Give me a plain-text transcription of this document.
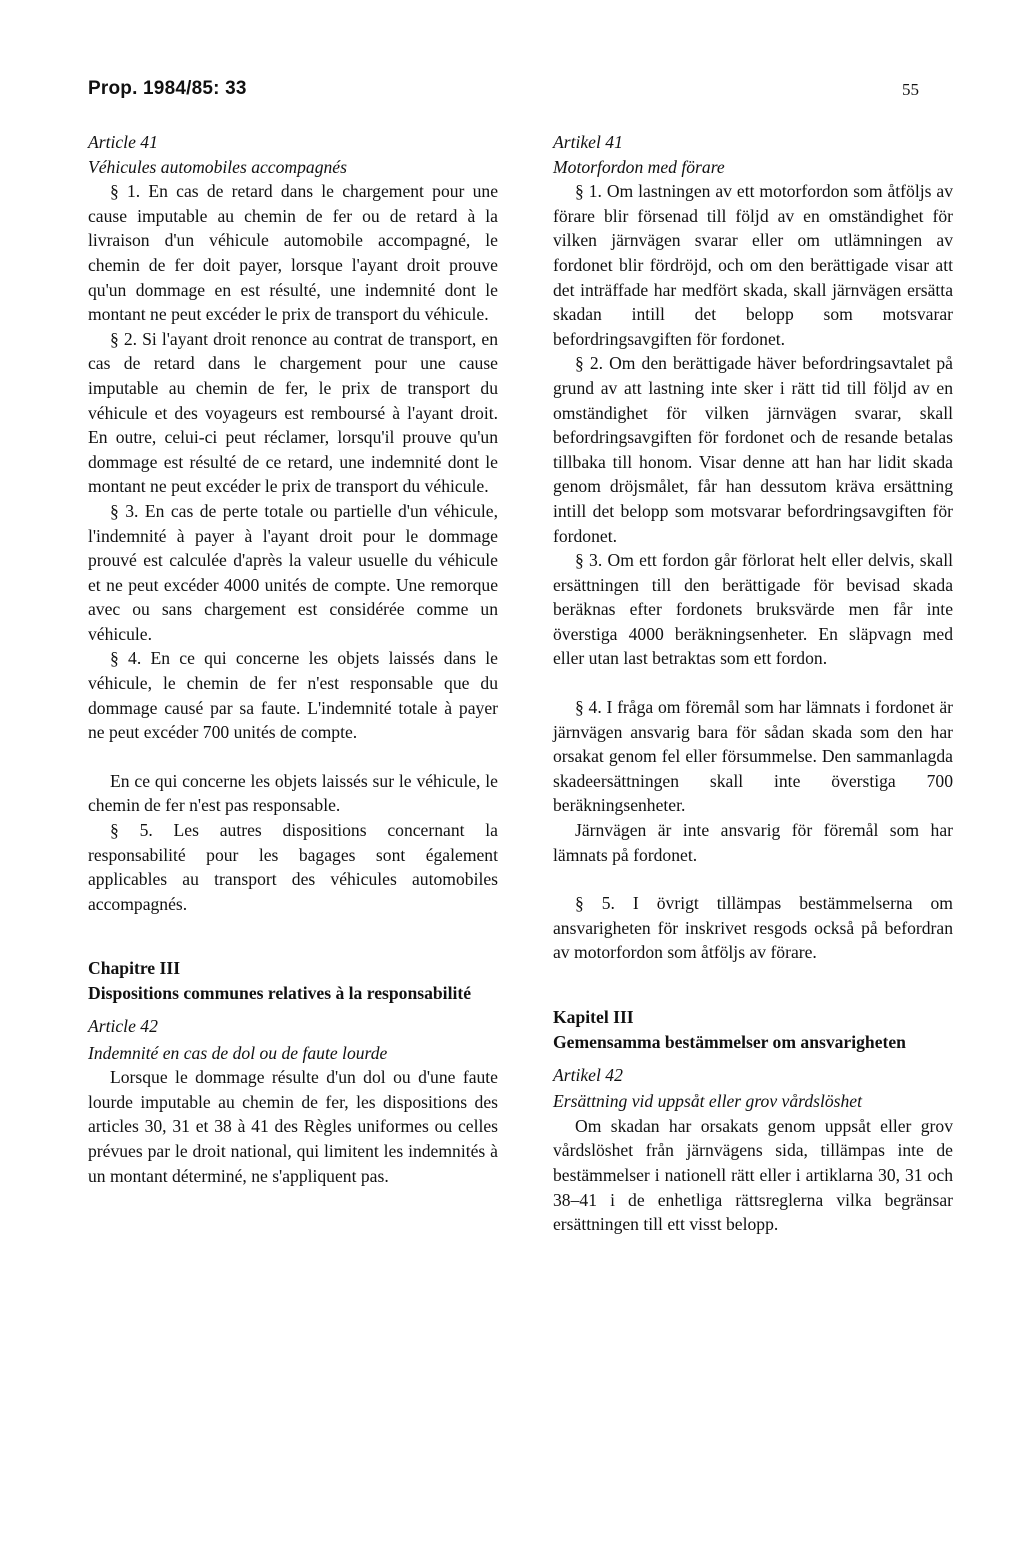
Prop. 1984/85: 33	55

Article 41

Véhicules automobiles accompagnés

§ 1. En cas de retard dans le chargement pour une cause imputable au chemin de fer ou de retard à la livraison d'un véhicule automobile accompagné, le chemin de fer doit payer, lorsque l'ayant droit prouve qu'un dommage en est résulté, une indemnité dont le montant ne peut excéder le prix de transport du véhicule.

§ 2. Si l'ayant droit renonce au contrat de transport, en cas de retard dans le chargement pour une cause imputable au chemin de fer, le prix de transport du véhicule et des voyageurs est remboursé à l'ayant droit. En outre, celui-ci peut réclamer, lorsqu'il prouve qu'un dommage est résulté de ce retard, une indemnité dont le montant ne peut excéder le prix de transport du véhicule.

§ 3. En cas de perte totale ou partielle d'un véhicule, l'indemnité à payer à l'ayant droit pour le dommage prouvé est calculée d'après la valeur usuelle du véhicule et ne peut excéder 4000 unités de compte. Une remorque avec ou sans chargement est considérée comme un véhicule.

§ 4. En ce qui concerne les objets laissés dans le véhicule, le chemin de fer n'est responsable que du dommage causé par sa faute. L'indemnité totale à payer ne peut excéder 700 unités de compte.

En ce qui concerne les objets laissés sur le véhicule, le chemin de fer n'est pas responsable.

§ 5. Les autres dispositions concernant la responsabilité pour les bagages sont également applicables au transport des véhicules automobiles accompagnés.

Chapitre III

Dispositions communes relatives à la responsabilité

Article 42

Indemnité en cas de dol ou de faute lourde

Lorsque le dommage résulte d'un dol ou d'une faute lourde imputable au chemin de fer, les dispositions des articles 30, 31 et 38 à 41 des Règles uniformes ou celles prévues par le droit national, qui limitent les indemnités à un montant déterminé, ne s'appliquent pas.

Artikel 41

Motorfordon med förare

§ 1. Om lastningen av ett motorfordon som åtföljs av förare blir försenad till följd av en omständighet för vilken järnvägen svarar eller om utlämningen av fordonet blir fördröjd, och om den berättigade visar att det inträffade har medfört skada, skall järnvägen ersätta skadan intill det belopp som motsvarar befordringsavgiften för fordonet.

§ 2. Om den berättigade häver befordringsavtalet på grund av att lastning inte sker i rätt tid till följd av en omständighet för vilken järnvägen svarar, skall befordringsavgiften för fordonet och de resande betalas tillbaka till honom. Visar denne att han har lidit skada genom dröjsmålet, får han dessutom kräva ersättning intill det belopp som motsvarar befordringsavgiften för fordonet.

§ 3. Om ett fordon går förlorat helt eller delvis, skall ersättningen till den berättigade för bevisad skada beräknas efter fordonets bruksvärde men får inte överstiga 4000 beräkningsenheter. En släpvagn med eller utan last betraktas som ett fordon.

§ 4. I fråga om föremål som har lämnats i fordonet är järnvägen ansvarig bara för sådan skada som den har orsakat genom fel eller försummelse. Den sammanlagda skadeersättningen skall inte överstiga 700 beräkningsenheter.

Järnvägen är inte ansvarig för föremål som har lämnats på fordonet.

§ 5. I övrigt tillämpas bestämmelserna om ansvarigheten för inskrivet resgods också på befordran av motorfordon som åtföljs av förare.

Kapitel III

Gemensamma bestämmelser om ansvarigheten

Artikel 42

Ersättning vid uppsåt eller grov vårdslöshet

Om skadan har orsakats genom uppsåt eller grov vårdslöshet från järnvägens sida, tillämpas inte de bestämmelser i nationell rätt eller i artiklarna 30, 31 och 38–41 i de enhetliga rättsreglerna vilka begränsar ersättningen till ett visst belopp.
